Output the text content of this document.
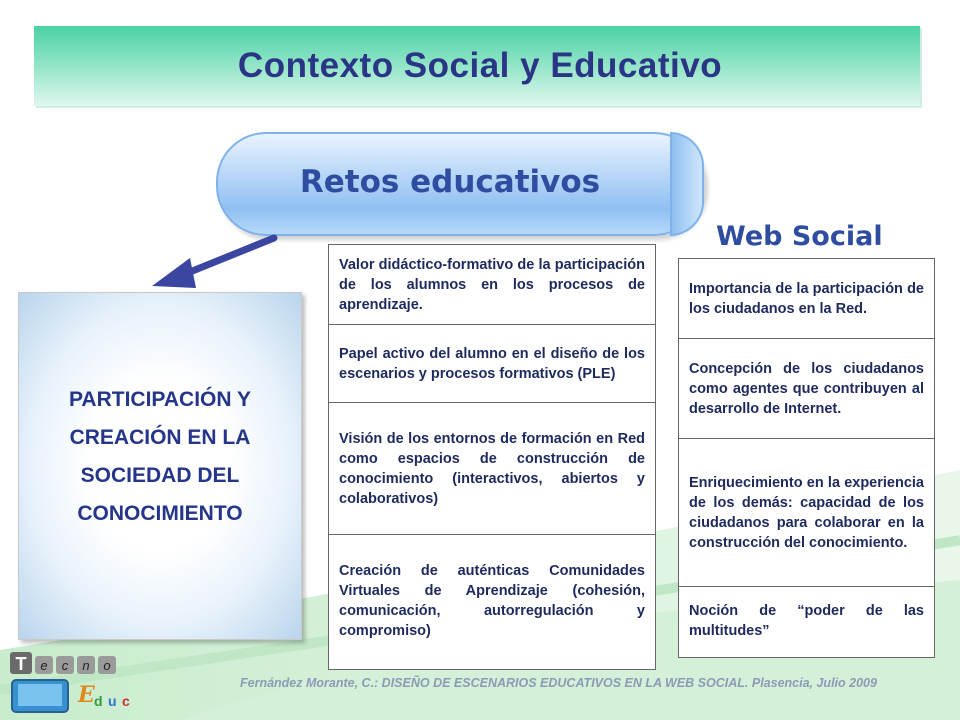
Contexto Social y Educativo
Retos educativos
PARTICIPACIÓN Y CREACIÓN EN LA SOCIEDAD DEL CONOCIMIENTO
Valor didáctico-formativo de la participación de los alumnos en los procesos de aprendizaje.
Papel activo del alumno en el diseño de los escenarios y procesos formativos (PLE)
Visión de los entornos de formación en Red como espacios de construcción de conocimiento (interactivos, abiertos y colaborativos)
Creación de auténticas Comunidades Virtuales de Aprendizaje (cohesión, comunicación, autorregulación y compromiso)
Web Social
Importancia de la participación de los ciudadanos en la Red.
Concepción de los ciudadanos como agentes que contribuyen al desarrollo de Internet.
Enriquecimiento en la experiencia de los demás: capacidad de los ciudadanos para colaborar en la construcción del conocimiento.
Noción de “poder de las multitudes”
T e c n o
E d u c
Fernández Morante, C.: DISEÑO DE ESCENARIOS EDUCATIVOS EN LA WEB SOCIAL. Plasencia, Julio 2009
